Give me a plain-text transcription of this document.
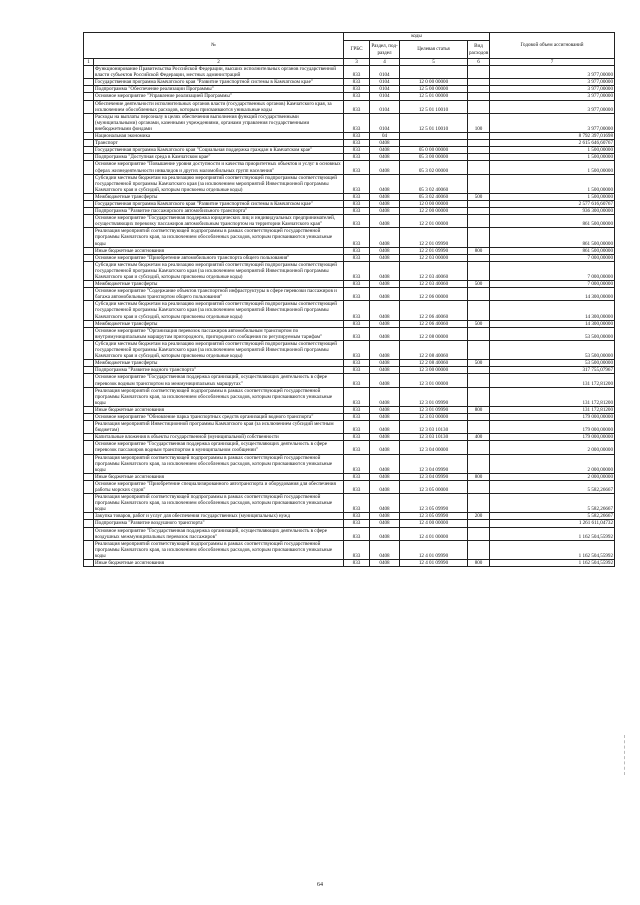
№		коды				Годовой объем ассигнований
		ГРБС	Раздел, под-раздел	Целевая статья	Вид расходов	
1	2	3	4	5	6	7
	Функционирование Правительства Российской Федерации, высших исполнительных органов государственной власти субъектов Российской Федерации, местных администраций	833	0104			3 977,00000
	Государственная программа Камчатского края "Развитие транспортной системы в Камчатском крае"	833	0104	12 0 00 00000		3 977,00000
	Подпрограмма "Обеспечение реализации Программы"	833	0104	12 5 00 00000		3 977,00000
	Основное мероприятие "Управление реализацией Программы"	833	0104	12 5 01 00000		3 977,00000
	Обеспечение деятельности исполнительных органов власти (государственных органов) Камчатского края, за исключением обособленных расходов, которым присваиваются уникальные коды	833	0104	12 5 01 10010		3 977,00000
	Расходы на выплаты персоналу в целях обеспечения выполнения функций государственными (муниципальными) органами, казенными учреждениями, органами управления государственными внебюджетными фондами	833	0104	12 5 01 10010	100	3 977,00000
	Национальная экономика	833	04			8 792 397,01698
	Транспорт	833	0408			2 615 646,60767
	Государственная программа Камчатского края "Социальная поддержка граждан в Камчатском крае"	833	0408	05 0 00 00000		1 500,00000
	Подпрограмма "Доступная среда в Камчатском крае"	833	0408	05 3 00 00000		1 500,00000
	Основное мероприятие "Повышение уровня доступности и качества приоритетных объектов и услуг в основных сферах жизнедеятельности инвалидов и других маломобильных групп населения"	833	0408	05 3 02 00000		1 500,00000
	Субсидии местным бюджетам на реализацию мероприятий соответствующей подпрограммы соответствующей государственной программы Камчатского края (за исключением мероприятий Инвестиционной программы Камчатского края и субсидий, которым присвоены отдельные коды)	833	0408	05 3 02 40060		1 500,00000
	Межбюджетные трансферты	833	0408	05 3 02 40060	500	1 500,00000
	Государственная программа Камчатского края "Развитие транспортной системы в Камчатском крае"	833	0408	12 0 00 00000		2 577 616,60767
	Подпрограмма "Развитие пассажирского автомобильного транспорта"	833	0408	12 2 00 00000		936 300,00000
	Основное мероприятие "Государственная поддержка юридических лиц и индивидуальных предпринимателей, осуществляющих перевозку пассажиров автомобильным транспортом на территории Камчатского края"	833	0408	12 2 01 00000		861 500,00000
	Реализация мероприятий соответствующей подпрограммы в рамках соответствующей государственной программы Камчатского края, за исключением обособленных расходов, которым присваиваются уникальные коды	833	0408	12 2 01 09990		861 500,00000
	Иные бюджетные ассигнования	833	0408	12 2 01 09990	800	861 500,00000
	Основное мероприятие "Приобретение автомобильного транспорта общего пользования"	833	0408	12 2 03 00000		7 000,00000
	Субсидии местным бюджетам на реализацию мероприятий соответствующей подпрограммы соответствующей государственной программы Камчатского края (за исключением мероприятий Инвестиционной программы Камчатского края и субсидий, которым присвоены отдельные коды)	833	0408	12 2 03 40060		7 000,00000
	Межбюджетные трансферты	833	0408	12 2 03 40060	500	7 000,00000
	Основное мероприятие "Содержание объектов транспортной инфраструктуры в сфере перевозки пассажиров и багажа автомобильным транспортом общего пользования"	833	0408	12 2 06 00000		14 300,00000
	Субсидии местным бюджетам на реализацию мероприятий соответствующей подпрограммы соответствующей государственной программы Камчатского края (за исключением мероприятий Инвестиционной программы Камчатского края и субсидий, которым присвоены отдельные коды)	833	0408	12 2 06 40060		14 300,00000
	Межбюджетные трансферты	833	0408	12 2 06 40060	500	14 300,00000
	Основное мероприятие "Организация перевозок пассажиров автомобильным транспортом по внутримуниципальным маршрутам пригородного, пригородного сообщения по регулируемым тарифам"	833	0408	12 2 08 00000		53 500,00000
	Субсидии местным бюджетам на реализацию мероприятий соответствующей подпрограммы соответствующей государственной программы Камчатского края (за исключением мероприятий Инвестиционной программы Камчатского края и субсидий, которым присвоены отдельные коды)	833	0408	12 2 08 40060		53 500,00000
	Межбюджетные трансферты	833	0408	12 2 08 40060	500	53 500,00000
	Подпрограмма "Развитие водного транспорта"	833	0408	12 3 00 00000		317 755,07967
	Основное мероприятие "Государственная поддержка организаций, осуществляющих деятельность в сфере перевозок водным транспортом на межмуниципальных маршрутах"	833	0408	12 3 01 00000		131 172,81200
	Реализация мероприятий соответствующей подпрограммы в рамках соответствующей государственной программы Камчатского края, за исключением обособленных расходов, которым присваиваются уникальные коды	833	0408	12 3 01 09990		131 172,81200
	Иные бюджетные ассигнования	833	0408	12 3 01 09990	800	131 172,81200
	Основное мероприятие "Обновление парка транспортных средств организаций водного транспорта"	833	0408	12 3 03 00000		179 000,00000
	Реализация мероприятий Инвестиционной программы Камчатского края (за исключением субсидий местным бюджетам)	833	0408	12 3 03 10130		179 000,00000
	Капитальные вложения в объекты государственной (муниципальной) собственности	833	0408	12 3 03 10130	400	179 000,00000
	Основное мероприятие "Государственная поддержка организаций, осуществляющих деятельность в сфере перевозок пассажиров водным транспортом в муниципальном сообщении"	833	0408	12 3 04 00000		2 000,00000
	Реализация мероприятий соответствующей подпрограммы в рамках соответствующей государственной программы Камчатского края, за исключением обособленных расходов, которым присваиваются уникальные коды	833	0408	12 3 04 09990		2 000,00000
	Иные бюджетные ассигнования	833	0408	12 3 04 09990	800	2 000,00000
	Основное мероприятие "Приобретение специализированного автотранспорта и оборудования для обеспечения работы морских судов"	833	0408	12 3 05 00000		5 582,26667
	Реализация мероприятий соответствующей подпрограммы в рамках соответствующей государственной программы Камчатского края, за исключением обособленных расходов, которым присваиваются уникальные коды	833	0408	12 3 05 09990		5 582,26667
	Закупка товаров, работ и услуг для обеспечения государственных (муниципальных) нужд	833	0408	12 3 05 09990	200	5 582,26667
	Подпрограмма "Развитие воздушного транспорта"	833	0408	12 4 00 00000		1 261 611,04732
	Основное мероприятие "Государственная поддержка организаций, осуществляющих деятельность в сфере воздушных межмуниципальных перевозок пассажиров"	833	0408	12 4 01 00000		1 162 504,55992
	Реализация мероприятий соответствующей подпрограммы в рамках соответствующей государственной программы Камчатского края, за исключением обособленных расходов, которым присваиваются уникальные коды	833	0408	12 4 01 09990		1 162 504,55992
	Иные бюджетные ассигнования	833	0408	12 4 01 09990	800	1 162 504,55992
64
